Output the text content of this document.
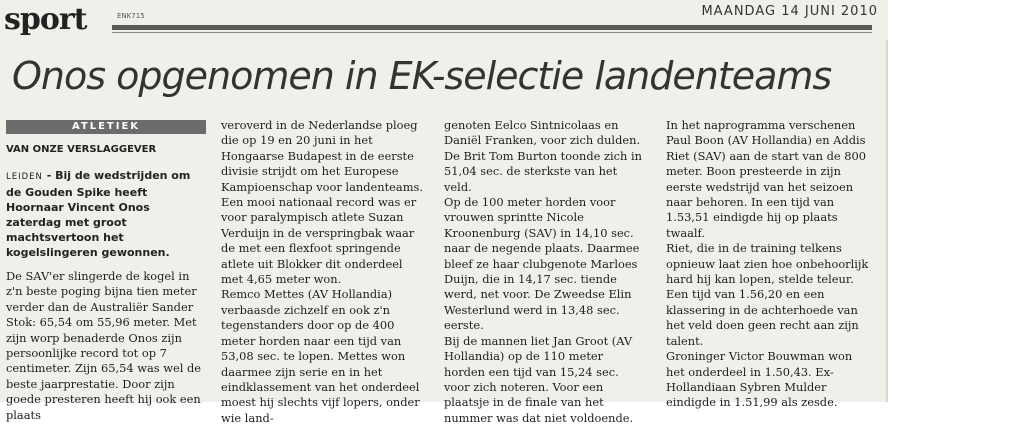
sport	ENK715	MAANDAG 14 JUNI 2010
Onos opgenomen in EK-selectie landenteams
ATLETIEK
VAN ONZE VERSLAGGEVER

LEIDEN - Bij de wedstrijden om de Gouden Spike heeft Hoornaar Vincent Onos zaterdag met groot machtsvertoon het kogelslingeren gewonnen.

De SAV'er slingerde de kogel in z'n beste poging bijna tien meter verder dan de Australiër Sander Stok: 65,54 om 55,96 meter. Met zijn worp benaderde Onos zijn persoonlijke record tot op 7 centimeter. Zijn 65,54 was wel de beste jaarprestatie. Door zijn goede presteren heeft hij ook een plaats

veroverd in de Nederlandse ploeg die op 19 en 20 juni in het Hongaarse Budapest in de eerste divisie strijdt om het Europese Kampioenschap voor landenteams.

Een mooi nationaal record was er voor paralympisch atlete Suzan Verduijn in de verspringbak waar de met een flexfoot springende atlete uit Blokker dit onderdeel met 4,65 meter won.

Remco Mettes (AV Hollandia) verbaasde zichzelf en ook z'n tegenstanders door op de 400 meter horden naar een tijd van 53,08 sec. te lopen. Mettes won daarmee zijn serie en in het eindklassement van het onderdeel moest hij slechts vijf lopers, onder wie land-

genoten Eelco Sintnicolaas en Daniël Franken, voor zich dulden. De Brit Tom Burton toonde zich in 51,04 sec. de sterkste van het veld.

Op de 100 meter horden voor vrouwen sprintte Nicole Kroonenburg (SAV) in 14,10 sec. naar de negende plaats. Daarmee bleef ze haar clubgenote Marloes Duijn, die in 14,17 sec. tiende werd, net voor. De Zweedse Elin Westerlund werd in 13,48 sec. eerste.

Bij de mannen liet Jan Groot (AV Hollandia) op de 110 meter horden een tijd van 15,24 sec. voor zich noteren. Voor een plaatsje in de finale van het nummer was dat niet voldoende.

In het naprogramma verschenen Paul Boon (AV Hollandia) en Addis Riet (SAV) aan de start van de 800 meter. Boon presteerde in zijn eerste wedstrijd van het seizoen naar behoren. In een tijd van 1.53,51 eindigde hij op plaats twaalf.

Riet, die in de training telkens opnieuw laat zien hoe onbehoorlijk hard hij kan lopen, stelde teleur. Een tijd van 1.56,20 en een klassering in de achterhoede van het veld doen geen recht aan zijn talent.

Groninger Victor Bouwman won het onderdeel in 1.50,43. Ex-Hollandiaan Sybren Mulder eindigde in 1.51,99 als zesde.
